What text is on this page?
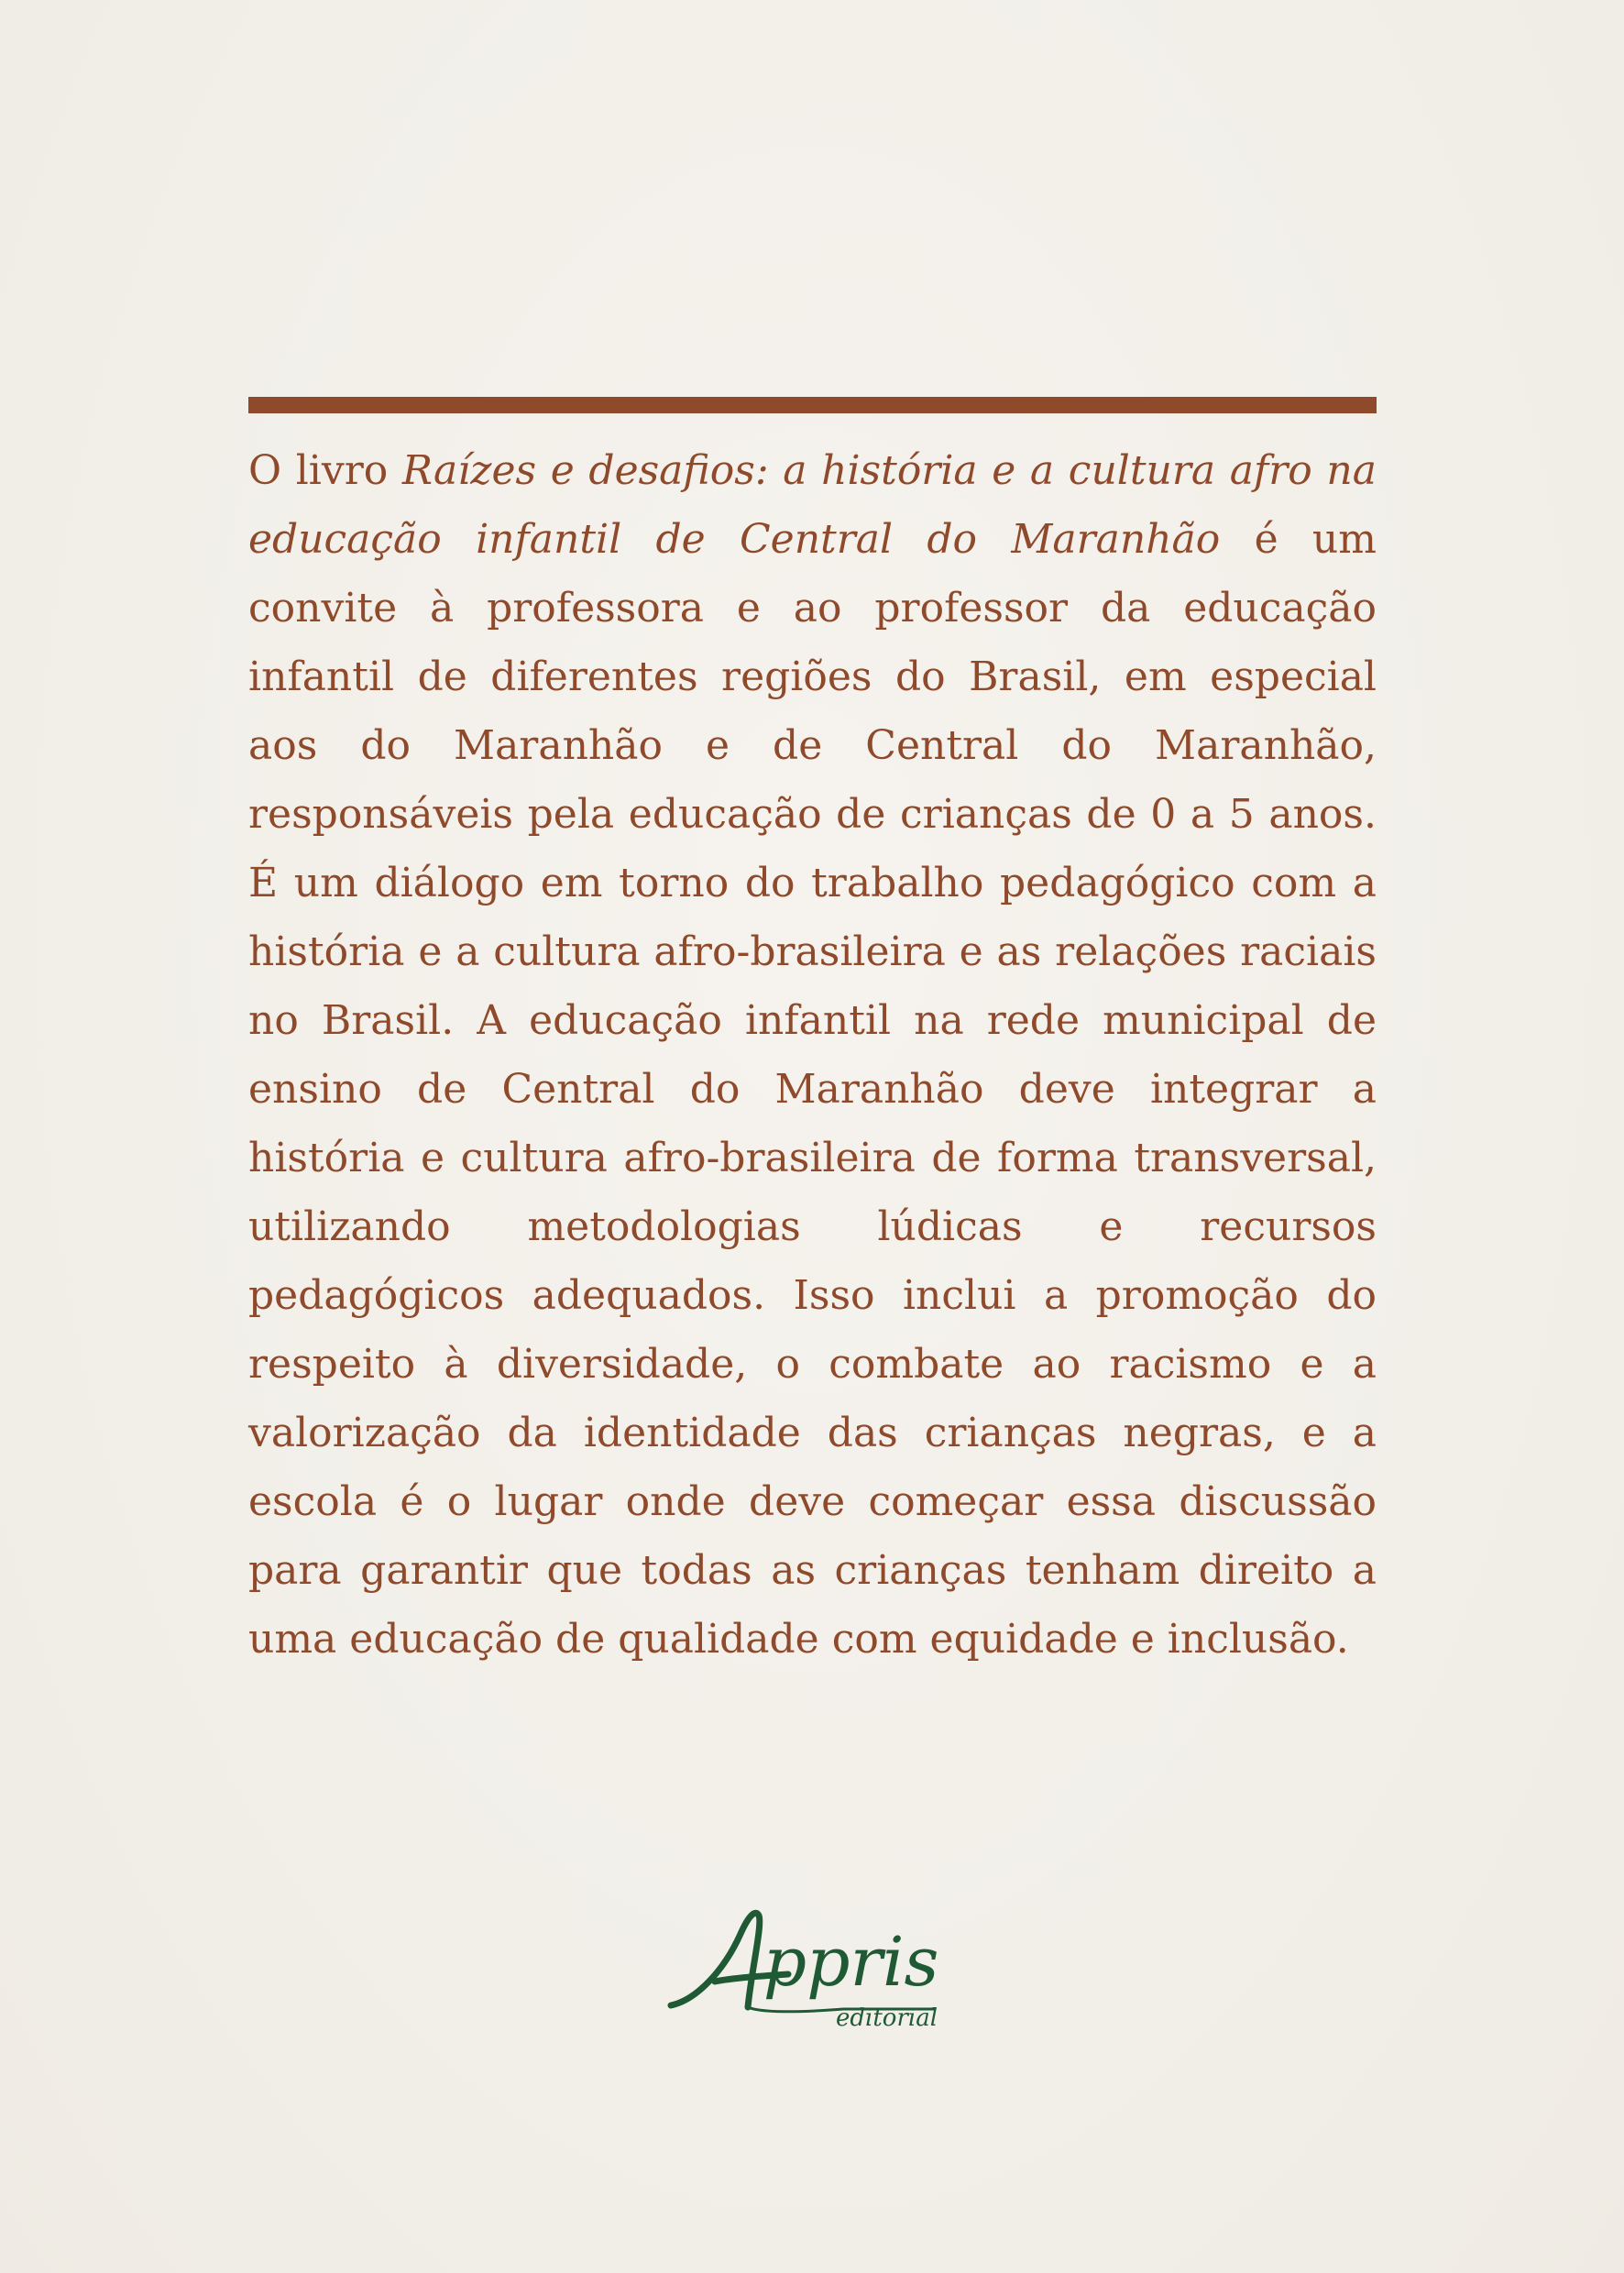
O livro Raízes e desafios: a história e a cultura afro na educação infantil de Central do Maranhão é um convite à professora e ao professor da educação infantil de diferentes regiões do Brasil, em especial aos do Maranhão e de Central do Maranhão, responsáveis pela educação de crianças de 0 a 5 anos. É um diálogo em torno do trabalho pedagógico com a história e a cultura afro-brasileira e as relações raciais no Brasil. A educação infantil na rede municipal de ensino de Central do Maranhão deve integrar a história e cultura afro-brasileira de forma transversal, utilizando metodologias lúdicas e recursos pedagógicos adequados. Isso inclui a promoção do respeito à diversidade, o combate ao racismo e a valorização da identidade das crianças negras, e a escola é o lugar onde deve começar essa discussão para garantir que todas as crianças tenham direito a uma educação de qualidade com equidade e inclusão.

Appris
editorial
